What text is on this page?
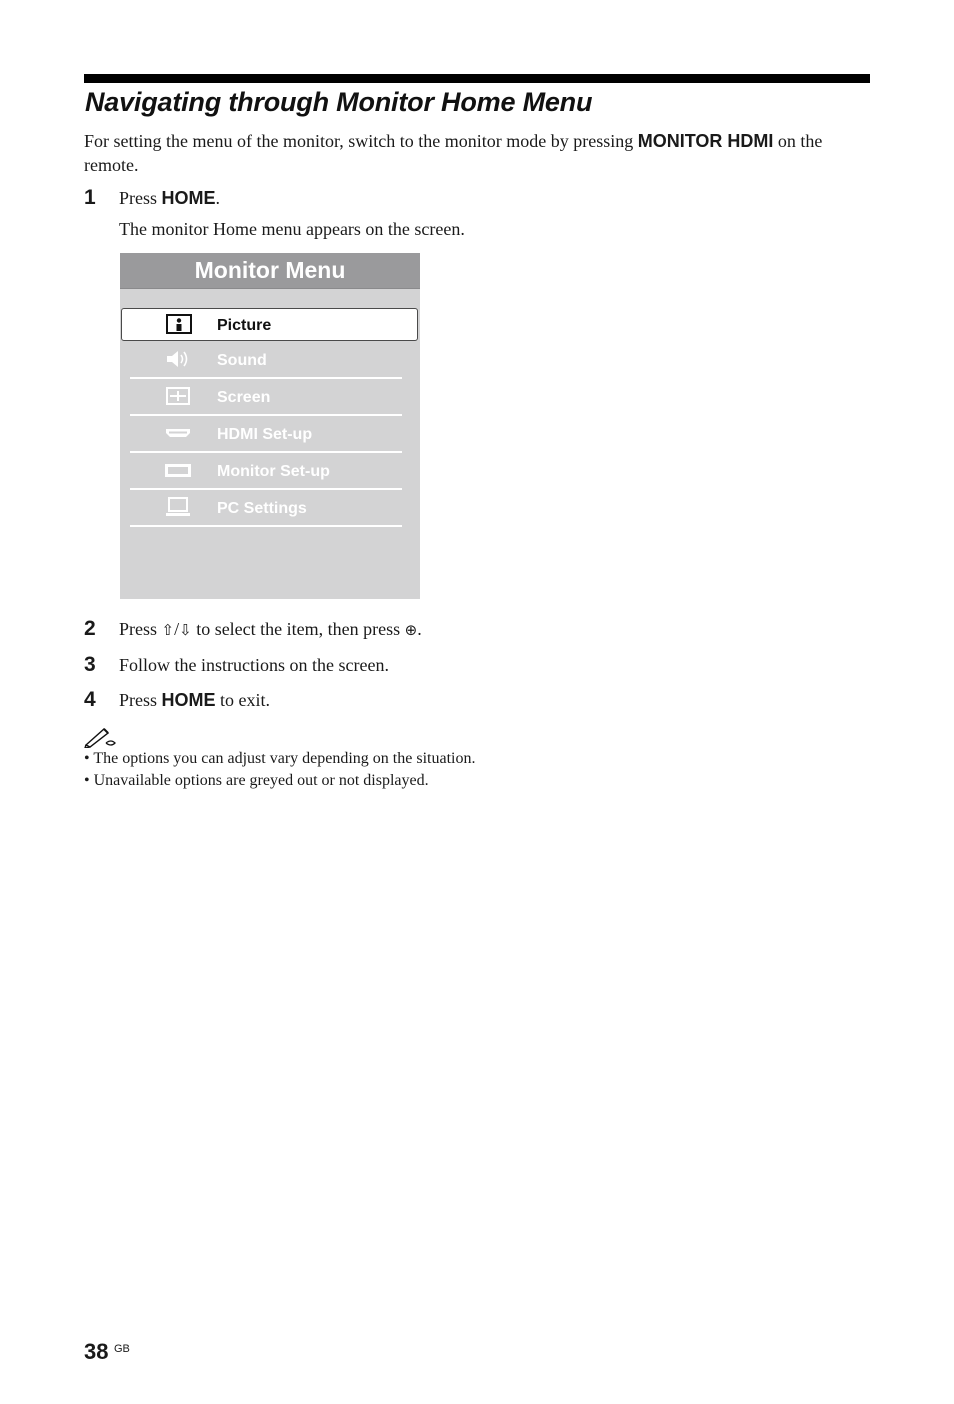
Navigating through Monitor Home Menu

For setting the menu of the monitor, switch to the monitor mode by pressing MONITOR HDMI on the remote.

1 Press HOME.
The monitor Home menu appears on the screen.
Monitor Menu
Picture
Sound
Screen
HDMI Set-up
Monitor Set-up
PC Settings
2 Press ⇧/⇩ to select the item, then press ⊕.
3 Follow the instructions on the screen.
4 Press HOME to exit.
• The options you can adjust vary depending on the situation.
• Unavailable options are greyed out or not displayed.
38 GB
